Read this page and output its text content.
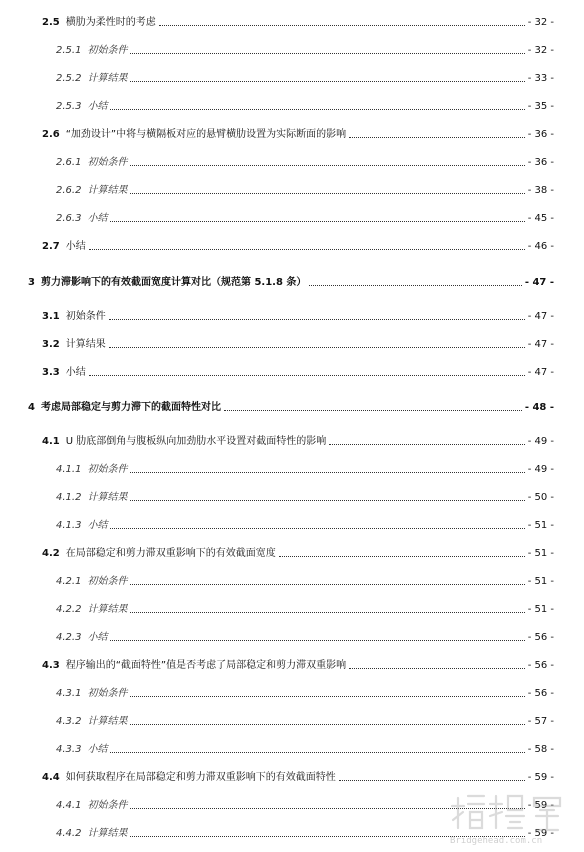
2.5 横肋为柔性时的考虑	- 32 -
2.5.1 初始条件	- 32 -
2.5.2 计算结果	- 33 -
2.5.3 小结	- 35 -
2.6 “加劲设计”中将与横隔板对应的悬臂横肋设置为实际断面的影响	- 36 -
2.6.1 初始条件	- 36 -
2.6.2 计算结果	- 38 -
2.6.3 小结	- 45 -
2.7 小结	- 46 -
3 剪力滞影响下的有效截面宽度计算对比（规范第 5.1.8 条）	- 47 -
3.1 初始条件	- 47 -
3.2 计算结果	- 47 -
3.3 小结	- 47 -
4 考虑局部稳定与剪力滞下的截面特性对比	- 48 -
4.1 U 肋底部倒角与腹板纵向加劲肋水平设置对截面特性的影响	- 49 -
4.1.1 初始条件	- 49 -
4.1.2 计算结果	- 50 -
4.1.3 小结	- 51 -
4.2 在局部稳定和剪力滞双重影响下的有效截面宽度	- 51 -
4.2.1 初始条件	- 51 -
4.2.2 计算结果	- 51 -
4.2.3 小结	- 56 -
4.3 程序输出的“截面特性”值是否考虑了局部稳定和剪力滞双重影响	- 56 -
4.3.1 初始条件	- 56 -
4.3.2 计算结果	- 57 -
4.3.3 小结	- 58 -
4.4 如何获取程序在局部稳定和剪力滞双重影响下的有效截面特性	- 59 -
4.4.1 初始条件	- 59 -
4.4.2 计算结果	- 59 -
Bridgehead.com.cn
